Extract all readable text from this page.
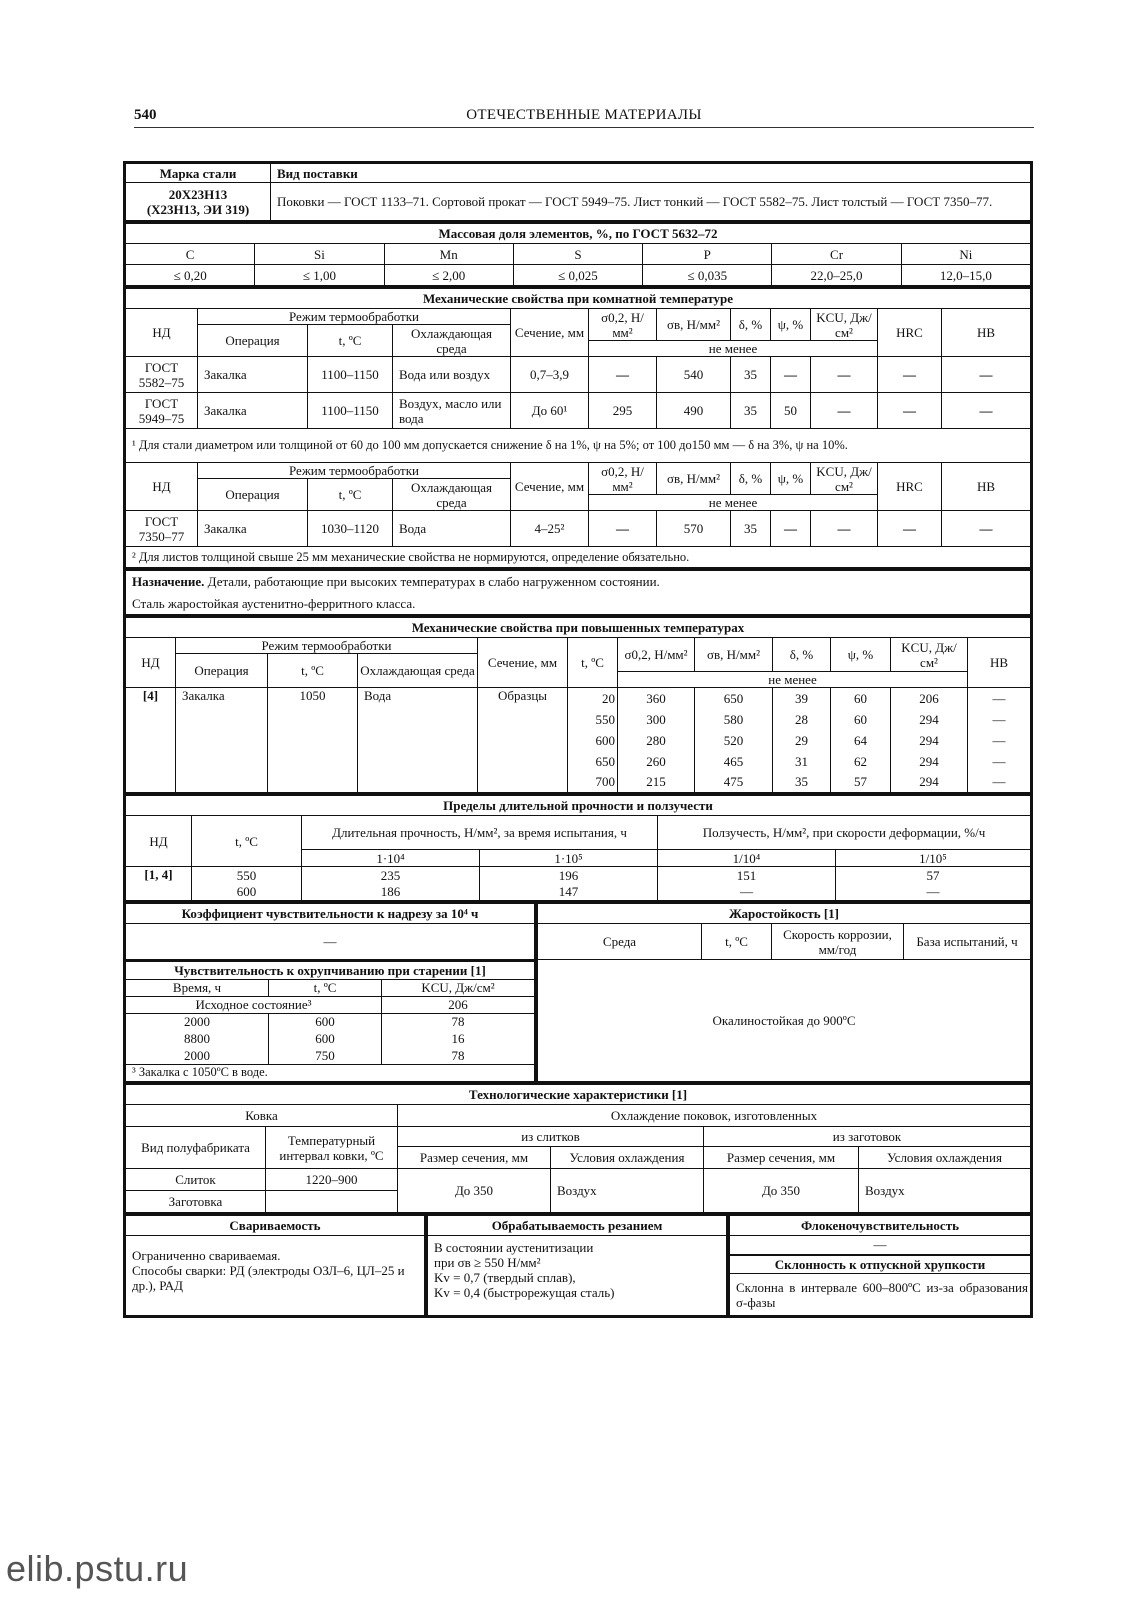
540	ОТЕЧЕСТВЕННЫЕ МАТЕРИАЛЫ
Марка стали	Вид поставки

20Х23Н13
(Х23Н13, ЭИ 319)	Поковки — ГОСТ 1133–71. Сортовой прокат — ГОСТ 5949–75. Лист тонкий — ГОСТ 5582–75. Лист толстый — ГОСТ 7350–77.
Массовая доля элементов, %, по ГОСТ 5632–72						
C	Si	Mn	S	P	Cr	Ni
≤ 0,20	≤ 1,00	≤ 2,00	≤ 0,025	≤ 0,035	22,0–25,0	12,0–15,0
Механические свойства при комнатной температуре											
НД	Режим термообработки			Сечение, мм	σ0,2, Н/мм²	σв, Н/мм²	δ, %	ψ, %	KCU, Дж/см²	HRC	HB
	Операция	t, ºС	Охлаждающая среда								
					не менее						
ГОСТ 5582–75	Закалка	1100–1150	Вода или воздух	0,7–3,9	—	540	35	—	—	—	—
ГОСТ 5949–75	Закалка	1100–1150	Воздух, масло или вода	До 60¹	295	490	35	50	—	—	—
¹ Для стали диаметром или толщиной от 60 до 100 мм допускается снижение δ на 1%, ψ на 5%; от 100 до150 мм — δ на 3%, ψ на 10%.											
НД	Режим термообработки			Сечение, мм	σ0,2, Н/мм²	σв, Н/мм²	δ, %	ψ, %	KCU, Дж/см²	HRC	HB
	Операция	t, ºС	Охлаждающая среда								
					не менее						
ГОСТ 7350–77	Закалка	1030–1120	Вода	4–25²	—	570	35	—	—	—	—
² Для листов толщиной свыше 25 мм механические свойства не нормируются, определение обязательно.											
Назначение. Детали, работающие при высоких температурах в слабо нагруженном состоянии.
Сталь жаростойкая аустенитно-ферритного класса.
Механические свойства при повышенных температурах											
НД	Режим термообработки			Сечение, мм	t, ºС	σ0,2, Н/мм²	σв, Н/мм²	δ, %	ψ, %	KCU, Дж/см²	HB
	Операция	t, ºС	Охлаждающая среда								
						не менее					
[4]	Закалка	1050	Вода	Образцы	20	360	650	39	60	206	—
					550	300	580	28	60	294	—
					600	280	520	29	64	294	—
					650	260	465	31	62	294	—
					700	215	475	35	57	294	—
Пределы длительной прочности и ползучести					
НД	t, ºС	Длительная прочность, Н/мм², за время испытания, ч		Ползучесть, Н/мм², при скорости деформации, %/ч	
		1·10⁴	1·10⁵	1/10⁴	1/10⁵
[1, 4]	550	235	196	151	57
	600	186	147	—	—
Коэффициент чувствительности к надрезу за 10⁴ ч
—
Чувствительность к охрупчиванию при старении [1]		
Время, ч	t, ºС	KCU, Дж/см²
Исходное состояние³		206
2000	600	78
8800	600	16
2000	750	78
³ Закалка с 1050ºС в воде.		
Жаростойкость [1]
Среда	t, ºС	Скорость коррозии, мм/год	База испытаний, ч
Окалиностойкая до 900ºС
Технологические характеристики [1]					
Ковка		Охлаждение поковок, изготовленных			
Вид полуфабриката	Температурный интервал ковки, ºС	из слитков		из заготовок	
		Размер сечения, мм	Условия охлаждения	Размер сечения, мм	Условия охлаждения
Слиток	1220–900	До 350	Воздух	До 350	Воздух
Заготовка					
Свариваемость

Ограниченно свариваемая.
Способы сварки: РД (электроды ОЗЛ–6, ЦЛ–25 и др.), РАД
Обрабатываемость резанием

В состоянии аустенитизации
при σв ≥ 550 Н/мм²
Kv = 0,7 (твердый сплав),
Kv = 0,4 (быстрорежущая сталь)
Флокеночувствительность
—
Склонность к отпускной хрупкости
Склонна в интервале 600–800ºС из-за образования σ-фазы
elib.pstu.ru
